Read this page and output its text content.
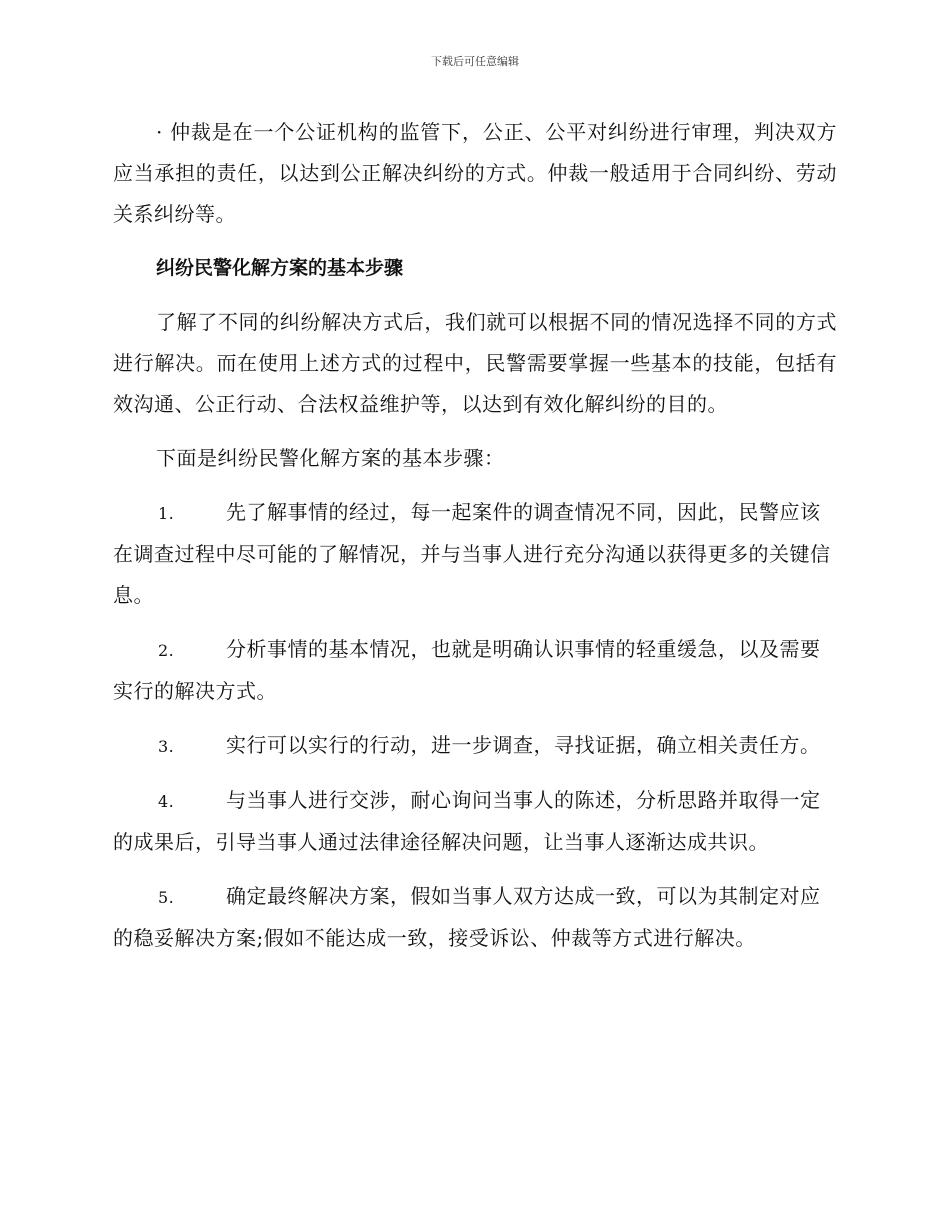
下载后可任意编辑

· 仲裁是在一个公证机构的监管下，公正、公平对纠纷进行审理，判决双方应当承担的责任，以达到公正解决纠纷的方式。仲裁一般适用于合同纠纷、劳动关系纠纷等。

纠纷民警化解方案的基本步骤

了解了不同的纠纷解决方式后，我们就可以根据不同的情况选择不同的方式进行解决。而在使用上述方式的过程中，民警需要掌握一些基本的技能，包括有效沟通、公正行动、合法权益维护等，以达到有效化解纠纷的目的。

下面是纠纷民警化解方案的基本步骤：

1.	先了解事情的经过，每一起案件的调查情况不同，因此，民警应该在调查过程中尽可能的了解情况，并与当事人进行充分沟通以获得更多的关键信息。
2.	分析事情的基本情况，也就是明确认识事情的轻重缓急，以及需要实行的解决方式。
3.	实行可以实行的行动，进一步调查，寻找证据，确立相关责任方。
4.	与当事人进行交涉，耐心询问当事人的陈述，分析思路并取得一定的成果后，引导当事人通过法律途径解决问题，让当事人逐渐达成共识。
5.	确定最终解决方案，假如当事人双方达成一致，可以为其制定对应的稳妥解决方案;假如不能达成一致，接受诉讼、仲裁等方式进行解决。
